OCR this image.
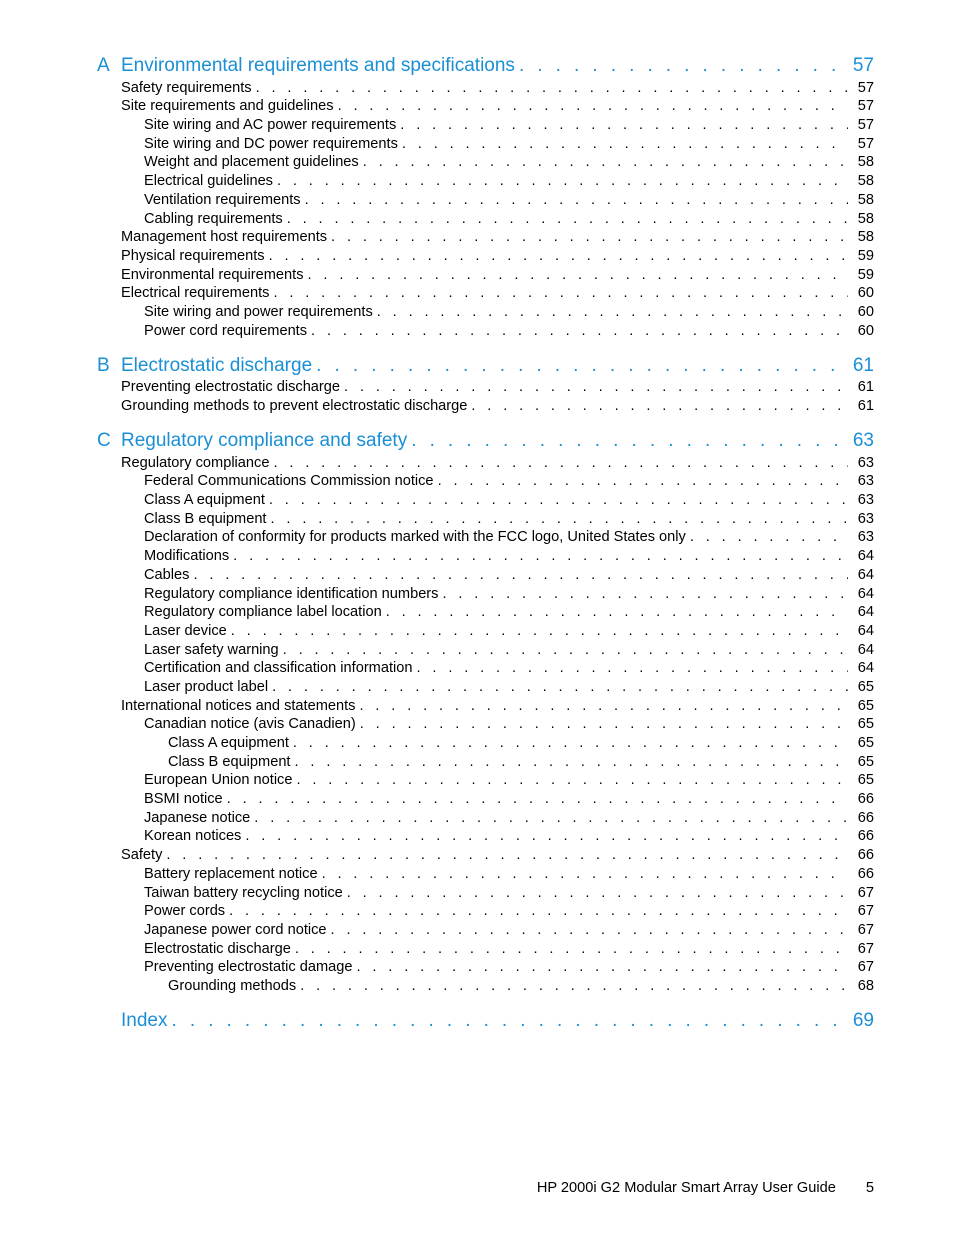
A Environmental requirements and specifications . . .	57
Safety requirements . . .	57
Site requirements and guidelines . . .	57
Site wiring and AC power requirements . . .	57
Site wiring and DC power requirements . . .	57
Weight and placement guidelines . . .	58
Electrical guidelines . . .	58
Ventilation requirements . . .	58
Cabling requirements . . .	58
Management host requirements . . .	58
Physical requirements . . .	59
Environmental requirements . . .	59
Electrical requirements . . .	60
Site wiring and power requirements . . .	60
Power cord requirements . . .	60
B Electrostatic discharge . . .	61
Preventing electrostatic discharge . . .	61
Grounding methods to prevent electrostatic discharge . . .	61
C Regulatory compliance and safety . . .	63
Regulatory compliance . . .	63
Federal Communications Commission notice . . .	63
Class A equipment . . .	63
Class B equipment . . .	63
Declaration of conformity for products marked with the FCC logo, United States only . . .	63
Modifications . . .	64
Cables . . .	64
Regulatory compliance identification numbers . . .	64
Regulatory compliance label location . . .	64
Laser device . . .	64
Laser safety warning . . .	64
Certification and classification information . . .	64
Laser product label . . .	65
International notices and statements . . .	65
Canadian notice (avis Canadien) . . .	65
Class A equipment . . .	65
Class B equipment . . .	65
European Union notice . . .	65
BSMI notice . . .	66
Japanese notice . . .	66
Korean notices . . .	66
Safety . . .	66
Battery replacement notice . . .	66
Taiwan battery recycling notice . . .	67
Power cords . . .	67
Japanese power cord notice . . .	67
Electrostatic discharge . . .	67
Preventing electrostatic damage . . .	67
Grounding methods . . .	68
Index . . .	69
HP 2000i G2 Modular Smart Array User Guide 5
